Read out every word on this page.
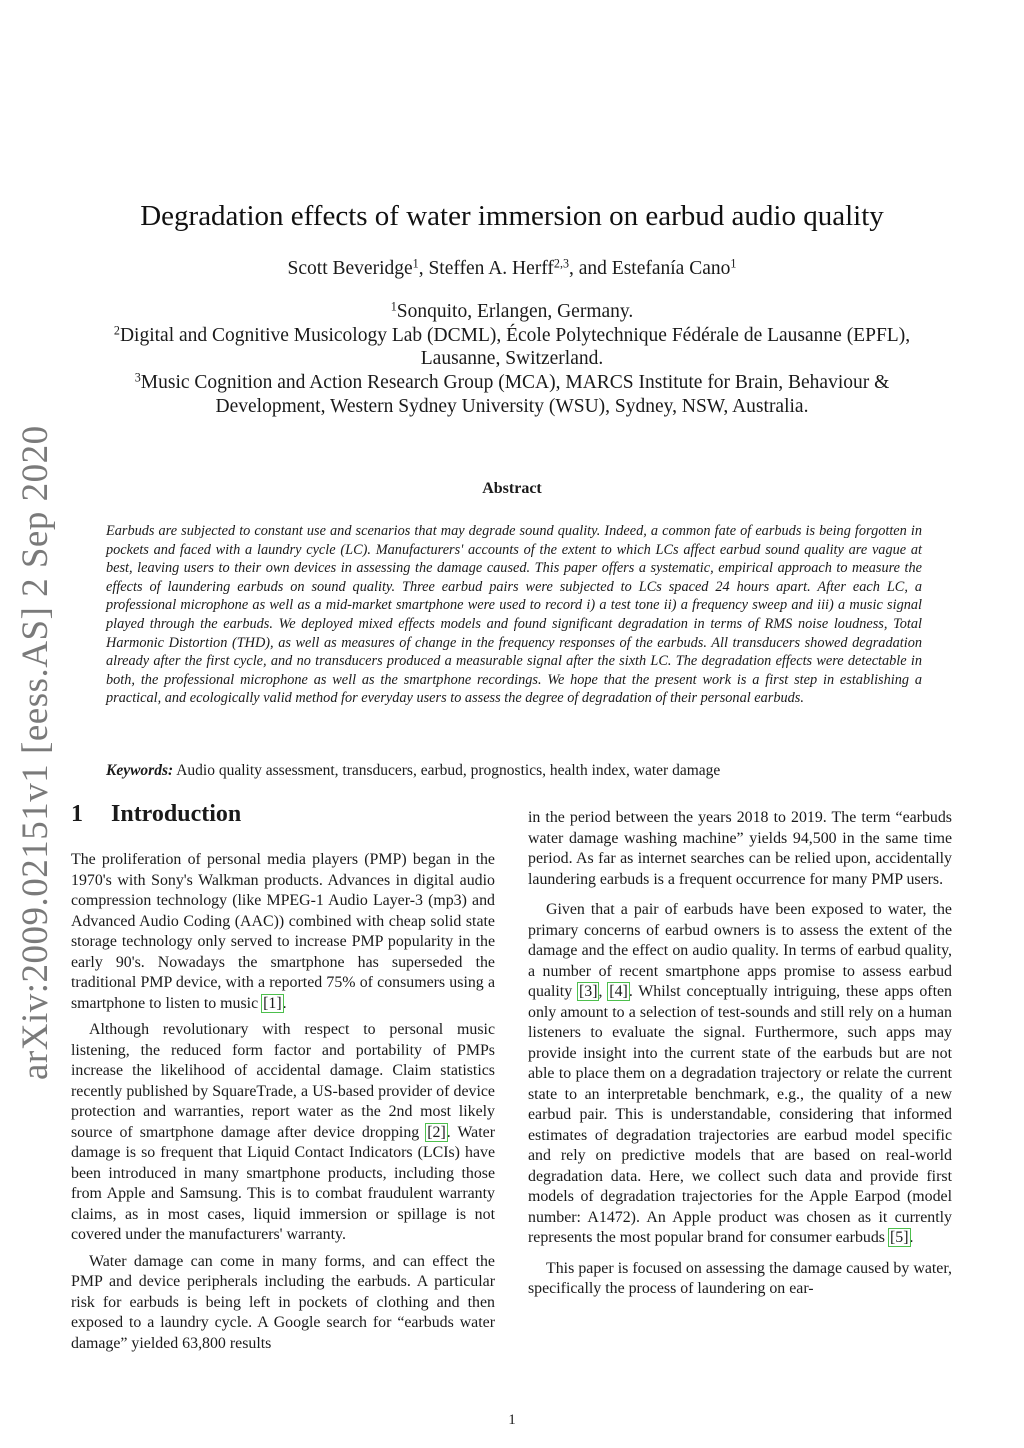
arXiv:2009.02151v1 [eess.AS] 2 Sep 2020
Degradation effects of water immersion on earbud audio quality
Scott Beveridge$^1$, Steffen A. Herff$^{2,3}$, and Estefanía Cano$^1$

$^1$Sonquito, Erlangen, Germany.

$^2$Digital and Cognitive Musicology Lab (DCML), École Polytechnique Fédérale de Lausanne (EPFL), Lausanne, Switzerland.

$^3$Music Cognition and Action Research Group (MCA), MARCS Institute for Brain, Behaviour & Development, Western Sydney University (WSU), Sydney, NSW, Australia.

Abstract
Earbuds are subjected to constant use and scenarios that may degrade sound quality. Indeed, a common fate of earbuds is being forgotten in pockets and faced with a laundry cycle (LC). Manufacturers' accounts of the extent to which LCs affect earbud sound quality are vague at best, leaving users to their own devices in assessing the damage caused. This paper offers a systematic, empirical approach to measure the effects of laundering earbuds on sound quality. Three earbud pairs were subjected to LCs spaced 24 hours apart. After each LC, a professional microphone as well as a mid-market smartphone were used to record i) a test tone ii) a frequency sweep and iii) a music signal played through the earbuds. We deployed mixed effects models and found significant degradation in terms of RMS noise loudness, Total Harmonic Distortion (THD), as well as measures of change in the frequency responses of the earbuds. All transducers showed degradation already after the first cycle, and no transducers produced a measurable signal after the sixth LC. The degradation effects were detectable in both, the professional microphone as well as the smartphone recordings. We hope that the present work is a first step in establishing a practical, and ecologically valid method for everyday users to assess the degree of degradation of their personal earbuds.
Keywords: Audio quality assessment, transducers, earbud, prognostics, health index, water damage
1 Introduction

The proliferation of personal media players (PMP) began in the 1970's with Sony's Walkman products. Advances in digital audio compression technology (like MPEG-1 Audio Layer-3 (mp3) and Advanced Audio Coding (AAC)) combined with cheap solid state storage technology only served to increase PMP popularity in the early 90's. Nowadays the smartphone has superseded the traditional PMP device, with a reported 75% of consumers using a smartphone to listen to music [1].

Although revolutionary with respect to personal music listening, the reduced form factor and portability of PMPs increase the likelihood of accidental damage. Claim statistics recently published by SquareTrade, a US-based provider of device protection and warranties, report water as the 2nd most likely source of smartphone damage after device dropping [2]. Water damage is so frequent that Liquid Contact Indicators (LCIs) have been introduced in many smartphone products, including those from Apple and Samsung. This is to combat fraudulent warranty claims, as in most cases, liquid immersion or spillage is not covered under the manufacturers' warranty.

Water damage can come in many forms, and can effect the PMP and device peripherals including the earbuds. A particular risk for earbuds is being left in pockets of clothing and then exposed to a laundry cycle. A Google search for “earbuds water damage” yielded 63,800 results

in the period between the years 2018 to 2019. The term “earbuds water damage washing machine” yields 94,500 in the same time period. As far as internet searches can be relied upon, accidentally laundering earbuds is a frequent occurrence for many PMP users.

Given that a pair of earbuds have been exposed to water, the primary concerns of earbud owners is to assess the extent of the damage and the effect on audio quality. In terms of earbud quality, a number of recent smartphone apps promise to assess earbud quality [3], [4]. Whilst conceptually intriguing, these apps often only amount to a selection of test-sounds and still rely on a human listeners to evaluate the signal. Furthermore, such apps may provide insight into the current state of the earbuds but are not able to place them on a degradation trajectory or relate the current state to an interpretable benchmark, e.g., the quality of a new earbud pair. This is understandable, considering that informed estimates of degradation trajectories are earbud model specific and rely on predictive models that are based on real-world degradation data. Here, we collect such data and provide first models of degradation trajectories for the Apple Earpod (model number: A1472). An Apple product was chosen as it currently represents the most popular brand for consumer earbuds [5].

This paper is focused on assessing the damage caused by water, specifically the process of laundering on ear-

1
